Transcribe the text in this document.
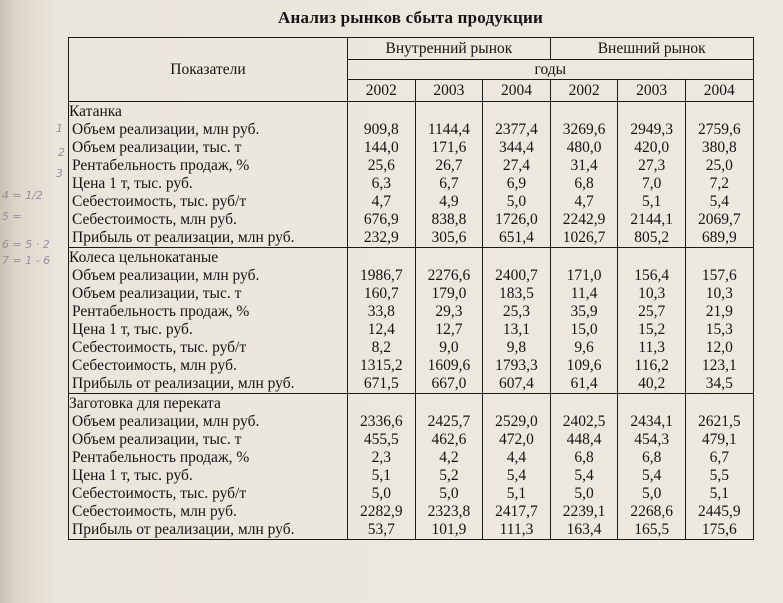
Анализ рынков сбыта продукции
Показатели	Внутренний рынок			Внешний рынок		
	годы					
	2002	2003	2004	2002	2003	2004
Катанка						
Объем реализации, млн руб.	909,8	1144,4	2377,4	3269,6	2949,3	2759,6
Объем реализации, тыс. т	144,0	171,6	344,4	480,0	420,0	380,8
Рентабельность продаж, %	25,6	26,7	27,4	31,4	27,3	25,0
Цена 1 т, тыс. руб.	6,3	6,7	6,9	6,8	7,0	7,2
Себестоимость, тыс. руб/т	4,7	4,9	5,0	4,7	5,1	5,4
Себестоимость, млн руб.	676,9	838,8	1726,0	2242,9	2144,1	2069,7
Прибыль от реализации, млн руб.	232,9	305,6	651,4	1026,7	805,2	689,9
Колеса цельнокатаные						
Объем реализации, млн руб.	1986,7	2276,6	2400,7	171,0	156,4	157,6
Объем реализации, тыс. т	160,7	179,0	183,5	11,4	10,3	10,3
Рентабельность продаж, %	33,8	29,3	25,3	35,9	25,7	21,9
Цена 1 т, тыс. руб.	12,4	12,7	13,1	15,0	15,2	15,3
Себестоимость, тыс. руб/т	8,2	9,0	9,8	9,6	11,3	12,0
Себестоимость, млн руб.	1315,2	1609,6	1793,3	109,6	116,2	123,1
Прибыль от реализации, млн руб.	671,5	667,0	607,4	61,4	40,2	34,5
Заготовка для переката						
Объем реализации, млн руб.	2336,6	2425,7	2529,0	2402,5	2434,1	2621,5
Объем реализации, тыс. т	455,5	462,6	472,0	448,4	454,3	479,1
Рентабельность продаж, %	2,3	4,2	4,4	6,8	6,8	6,7
Цена 1 т, тыс. руб.	5,1	5,2	5,4	5,4	5,4	5,5
Себестоимость, тыс. руб/т	5,0	5,0	5,1	5,0	5,0	5,1
Себестоимость, млн руб.	2282,9	2323,8	2417,7	2239,1	2268,6	2445,9
Прибыль от реализации, млн руб.	53,7	101,9	111,3	163,4	165,5	175,6
1
2
3
4 = 1/2
5 =
6 = 5 · 2
7 = 1 - 6
